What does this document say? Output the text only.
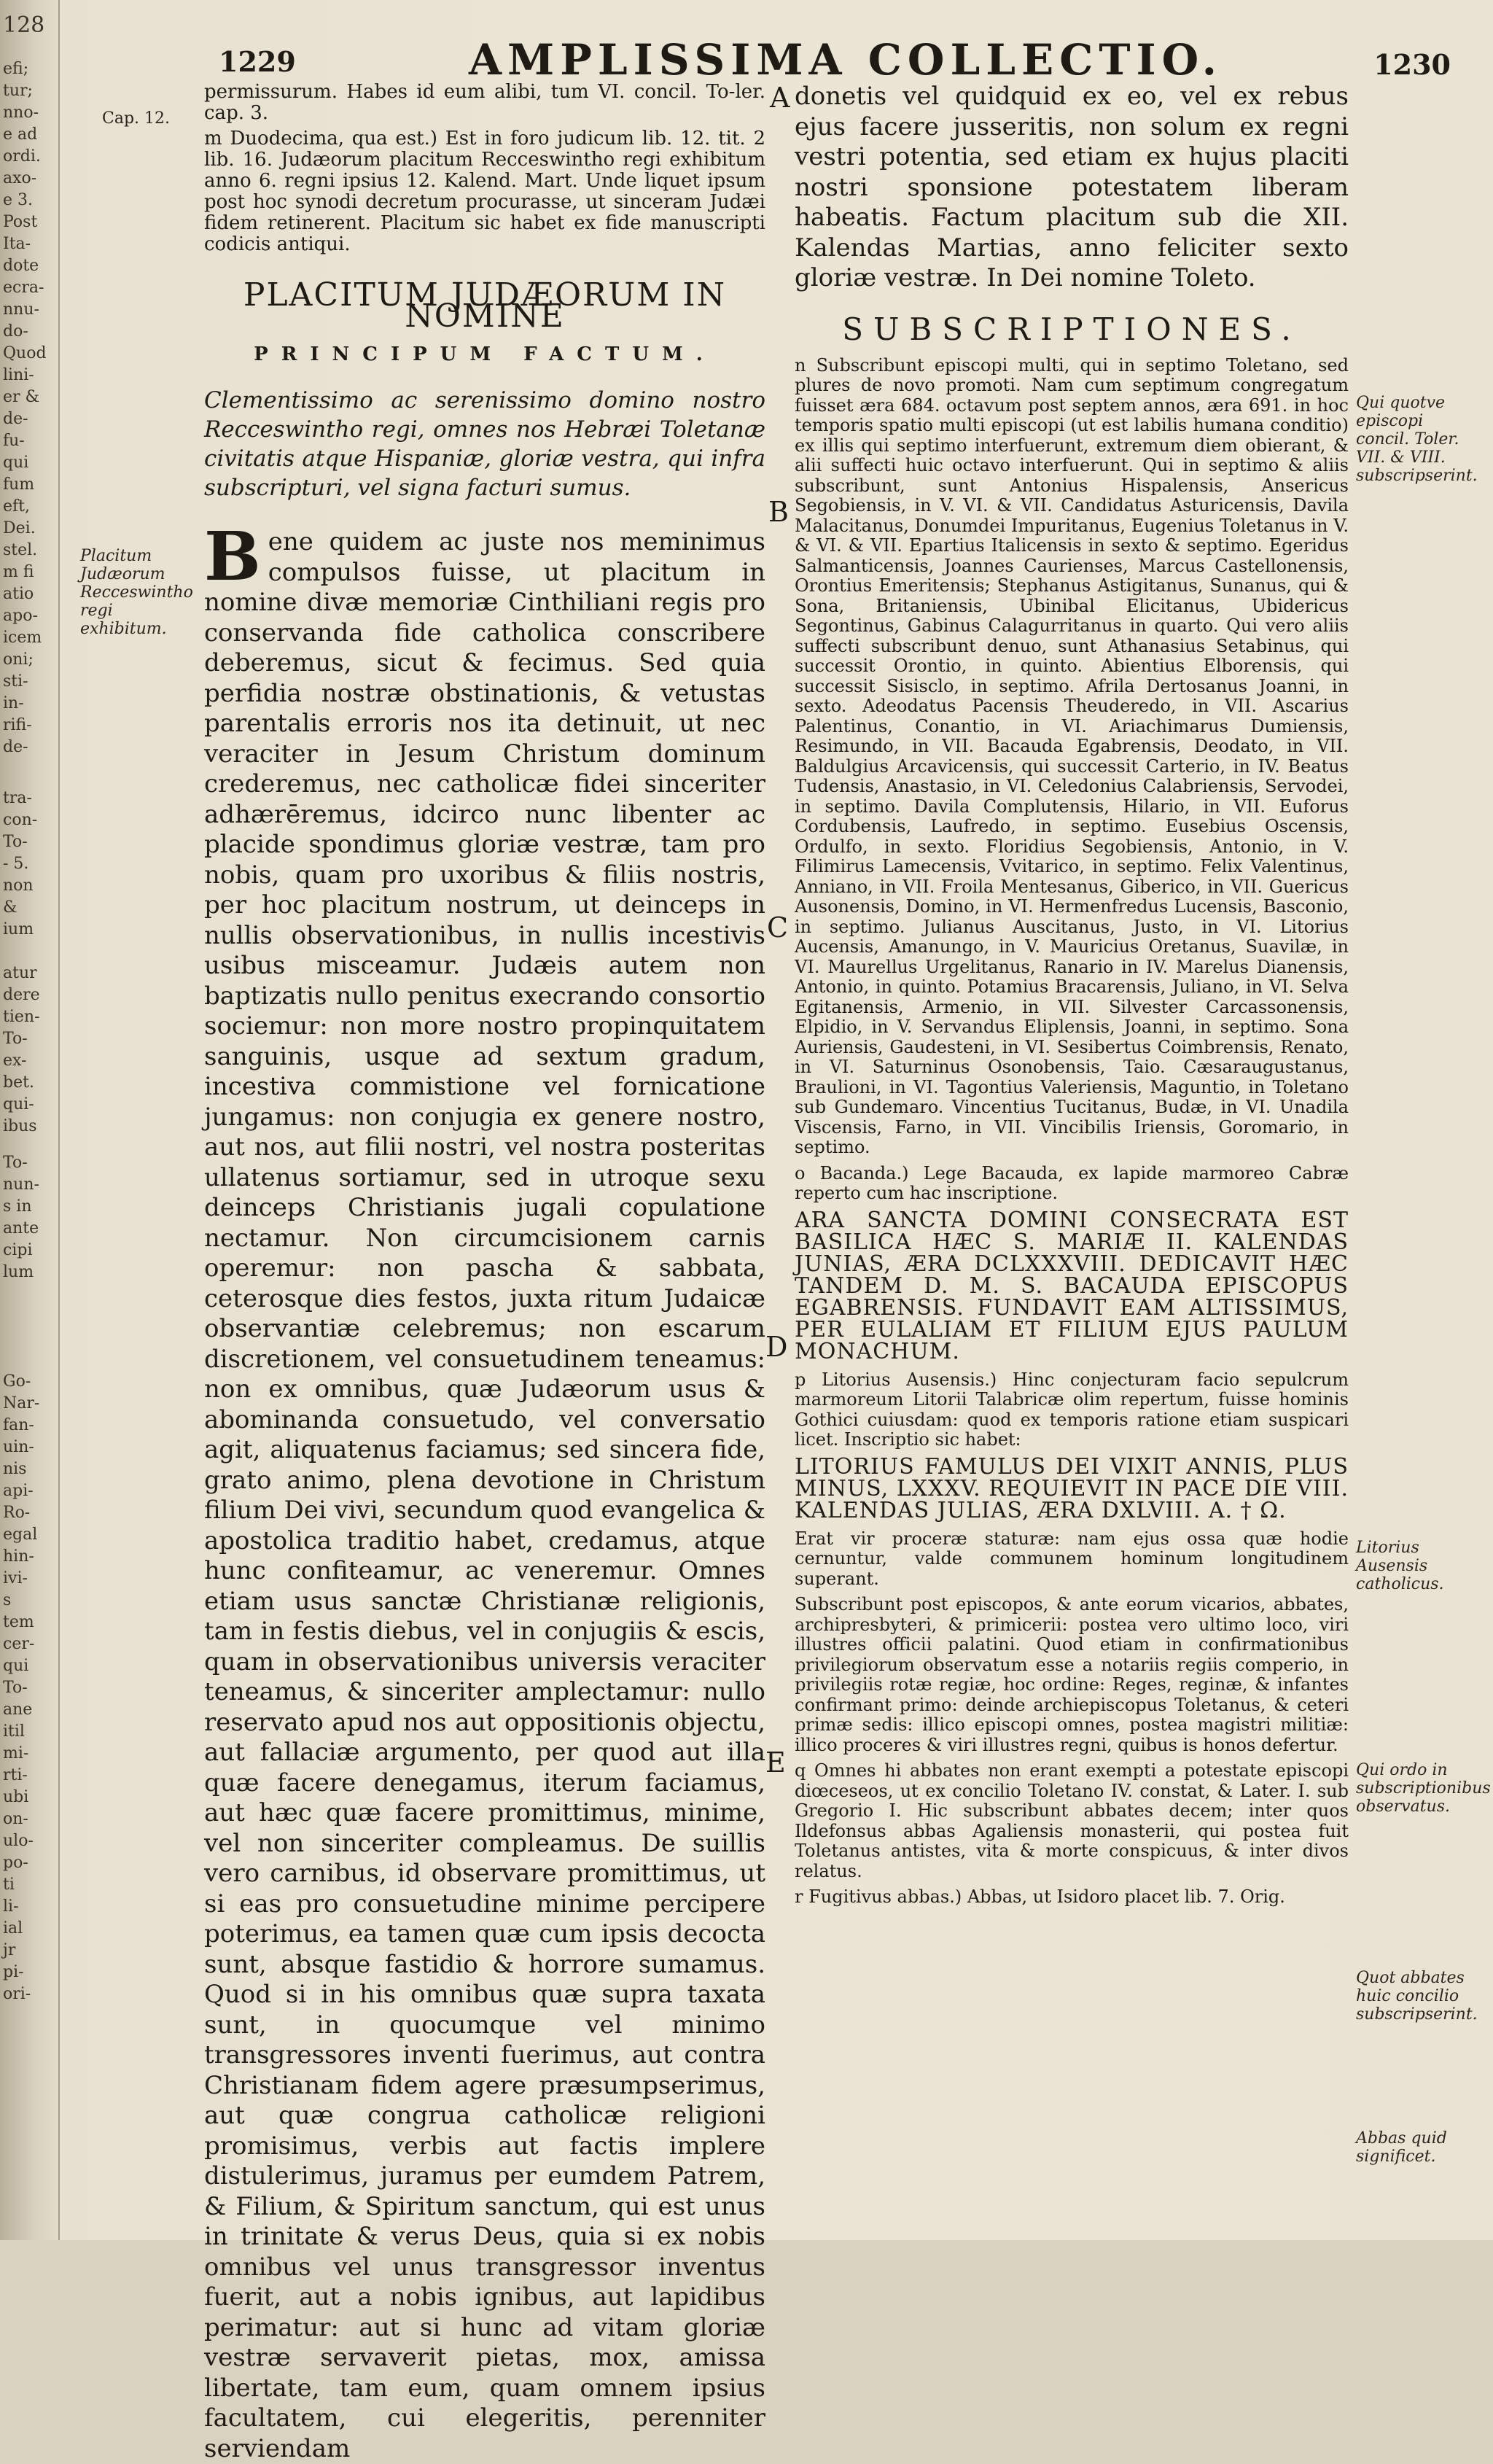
128
efi;
tur;
nno-
e ad
ordi.
axo-
e 3.
Post
Ita-
dote
ecra-
nnu-
do-
Quod
lini-
er &
de-
fu-
qui
fum
eft,
Dei.
stel.
m fi
atio
apo-
icem
oni;
sti-
in-
rifi-
de-
tra-
con-
To-
- 5.
non
&
ium
atur
dere
tien-
To-
ex-
bet.
qui-
ibus
To-
nun-
s in
ante
cipi
lum
Go-
Nar-
fan-
uin-
nis
api-
Ro-
egal
hin-
ivi-
s
tem
cer-
qui
To-
ane
itil
mi-
rti-
ubi
on-
ulo-
po-
ti
li-
ial
jr
pi-
ori-
1229	AMPLISSIMA COLLECTIO.	1230

permissurum. Habes id eum alibi, tum VI. concil. To-ler. cap. 3.

m Duodecima, qua est.) Est in foro judicum lib. 12. tit. 2 lib. 16. Judæorum placitum Recceswintho regi exhibitum anno 6. regni ipsius 12. Kalend. Mart. Unde liquet ipsum post hoc synodi decretum procurasse, ut sinceram Judæi fidem retinerent. Placitum sic habet ex fide manuscripti codicis antiqui.

PLACITUM JUDÆORUM IN NOMINE
PRINCIPUM FACTUM.

Clementissimo ac serenissimo domino nostro Recceswintho regi, omnes nos Hebræi Toletanæ civitatis atque Hispaniæ, gloriæ vestra, qui infra subscripturi, vel signa facturi sumus.

Bene quidem ac juste nos meminimus compulsos fuisse, ut placitum in nomine divæ memoriæ Cinthiliani regis pro conservanda fide catholica conscribere deberemus, sicut & fecimus. Sed quia perfidia nostræ obstinationis, & vetustas parentalis erroris nos ita detinuit, ut nec veraciter in Jesum Christum dominum crederemus, nec catholicæ fidei sinceriter adhærēremus, idcirco nunc libenter ac placide spondimus gloriæ vestræ, tam pro nobis, quam pro uxoribus & filiis nostris, per hoc placitum nostrum, ut deinceps in nullis observationibus, in nullis incestivis usibus misceamur. Judæis autem non baptizatis nullo penitus execrando consortio sociemur: non more nostro propinquitatem sanguinis, usque ad sextum gradum, incestiva commistione vel fornicatione jungamus: non conjugia ex genere nostro, aut nos, aut filii nostri, vel nostra posteritas ullatenus sortiamur, sed in utroque sexu deinceps Christianis jugali copulatione nectamur. Non circumcisionem carnis operemur: non pascha & sabbata, ceterosque dies festos, juxta ritum Judaicæ observantiæ celebremus; non escarum discretionem, vel consuetudinem teneamus: non ex omnibus, quæ Judæorum usus & abominanda consuetudo, vel conversatio agit, aliquatenus faciamus; sed sincera fide, grato animo, plena devotione in Christum filium Dei vivi, secundum quod evangelica & apostolica traditio habet, credamus, atque hunc confiteamur, ac veneremur. Omnes etiam usus sanctæ Christianæ religionis, tam in festis diebus, vel in conjugiis & escis, quam in observationibus universis veraciter teneamus, & sinceriter amplectamur: nullo reservato apud nos aut oppositionis objectu, aut fallaciæ argumento, per quod aut illa quæ facere denegamus, iterum faciamus, aut hæc quæ facere promittimus, minime, vel non sinceriter compleamus. De suillis vero carnibus, id observare promittimus, ut si eas pro consuetudine minime percipere poterimus, ea tamen quæ cum ipsis decocta sunt, absque fastidio & horrore sumamus. Quod si in his omnibus quæ supra taxata sunt, in quocumque vel minimo transgressores inventi fuerimus, aut contra Christianam fidem agere præsumpserimus, aut quæ congrua catholicæ religioni promisimus, verbis aut factis implere distulerimus, juramus per eumdem Patrem, & Filium, & Spiritum sanctum, qui est unus in trinitate & verus Deus, quia si ex nobis omnibus vel unus transgressor inventus fuerit, aut a nobis ignibus, aut lapidibus perimatur: aut si hunc ad vitam gloriæ vestræ servaverit pietas, mox, amissa libertate, tam eum, quam omnem ipsius facultatem, cui elegeritis, perenniter serviendam

Cap. 12.
Placitum Judæorum Recceswintho regi exhibitum.

donetis vel quidquid ex eo, vel ex rebus ejus facere jusseritis, non solum ex regni vestri potentia, sed etiam ex hujus placiti nostri sponsione potestatem liberam habeatis. Factum placitum sub die XII. Kalendas Martias, anno feliciter sexto gloriæ vestræ. In Dei nomine Toleto.

SUBSCRIPTIONES.

n Subscribunt episcopi multi, qui in septimo Toletano, sed plures de novo promoti. Nam cum septimum congregatum fuisset æra 684. octavum post septem annos, æra 691. in hoc temporis spatio multi episcopi (ut est labilis humana conditio) ex illis qui septimo interfuerunt, extremum diem obierant, & alii suffecti huic octavo interfuerunt. Qui in septimo & aliis subscribunt, sunt Antonius Hispalensis, Ansericus Segobiensis, in V. VI. & VII. Candidatus Asturicensis, Davila Malacitanus, Donumdei Impuritanus, Eugenius Toletanus in V. & VI. & VII. Epartius Italicensis in sexto & septimo. Egeridus Salmanticensis, Joannes Caurienses, Marcus Castellonensis, Orontius Emeritensis; Stephanus Astigitanus, Sunanus, qui & Sona, Britaniensis, Ubinibal Elicitanus, Ubidericus Segontinus, Gabinus Calagurritanus in quarto. Qui vero aliis suffecti subscribunt denuo, sunt Athanasius Setabinus, qui successit Orontio, in quinto. Abientius Elborensis, qui successit Sisisclo, in septimo. Afrila Dertosanus Joanni, in sexto. Adeodatus Pacensis Theuderedo, in VII. Ascarius Palentinus, Conantio, in VI. Ariachimarus Dumiensis, Resimundo, in VII. Bacauda Egabrensis, Deodato, in VII. Baldulgius Arcavicensis, qui successit Carterio, in IV. Beatus Tudensis, Anastasio, in VI. Celedonius Calabriensis, Servodei, in septimo. Davila Complutensis, Hilario, in VII. Euforus Cordubensis, Laufredo, in septimo. Eusebius Oscensis, Ordulfo, in sexto. Floridius Segobiensis, Antonio, in V. Filimirus Lamecensis, Vvitarico, in septimo. Felix Valentinus, Anniano, in VII. Froila Mentesanus, Giberico, in VII. Guericus Ausonensis, Domino, in VI. Hermenfredus Lucensis, Basconio, in septimo. Julianus Auscitanus, Justo, in VI. Litorius Aucensis, Amanungo, in V. Mauricius Oretanus, Suavilæ, in VI. Maurellus Urgelitanus, Ranario in IV. Marelus Dianensis, Antonio, in quinto. Potamius Bracarensis, Juliano, in VI. Selva Egitanensis, Armenio, in VII. Silvester Carcassonensis, Elpidio, in V. Servandus Eliplensis, Joanni, in septimo. Sona Auriensis, Gaudesteni, in VI. Sesibertus Coimbrensis, Renato, in VI. Saturninus Osonobensis, Taio. Cæsaraugustanus, Braulioni, in VI. Tagontius Valeriensis, Maguntio, in Toletano sub Gundemaro. Vincentius Tucitanus, Budæ, in VI. Unadila Viscensis, Farno, in VII. Vincibilis Iriensis, Goromario, in septimo.

o Bacanda.) Lege Bacauda, ex lapide marmoreo Cabræ reperto cum hac inscriptione.

ARA SANCTA DOMINI CONSECRATA EST BASILICA HÆC S. MARIÆ II. KALENDAS JUNIAS, ÆRA DCLXXXVIII. DEDICAVIT HÆC TANDEM D. M. S. BACAUDA EPISCOPUS EGABRENSIS. FUNDAVIT EAM ALTISSIMUS, PER EULALIAM ET FILIUM EJUS PAULUM MONACHUM.

p Litorius Ausensis.) Hinc conjecturam facio sepulcrum marmoreum Litorii Talabricæ olim repertum, fuisse hominis Gothici cuiusdam: quod ex temporis ratione etiam suspicari licet. Inscriptio sic habet:

LITORIUS FAMULUS DEI VIXIT ANNIS, PLUS MINUS, LXXXV. REQUIEVIT IN PACE DIE VIII. KALENDAS JULIAS, ÆRA DXLVIII. A. † Ω.

Erat vir proceræ staturæ: nam ejus ossa quæ hodie cernuntur, valde communem hominum longitudinem superant.

Subscribunt post episcopos, & ante eorum vicarios, abbates, archipresbyteri, & primicerii: postea vero ultimo loco, viri illustres officii palatini. Quod etiam in confirmationibus privilegiorum observatum esse a notariis regiis comperio, in privilegiis rotæ regiæ, hoc ordine: Reges, reginæ, & infantes confirmant primo: deinde archiepiscopus Toletanus, & ceteri primæ sedis: illico episcopi omnes, postea magistri militiæ: illico proceres & viri illustres regni, quibus is honos defertur.

q Omnes hi abbates non erant exempti a potestate episcopi diœceseos, ut ex concilio Toletano IV. constat, & Later. I. sub Gregorio I. Hic subscribunt abbates decem; inter quos Ildefonsus abbas Agaliensis monasterii, qui postea fuit Toletanus antistes, vita & morte conspicuus, & inter divos relatus.

r Fugitivus abbas.) Abbas, ut Isidoro placet lib. 7. Orig.

A
B
C
D
E
Qui quotve episcopi concil. Toler. VII. & VIII. subscripserint.
Litorius Ausensis catholicus.
Qui ordo in subscriptionibus observatus.
Quot abbates huic concilio subscripserint.
Abbas quid significet.
